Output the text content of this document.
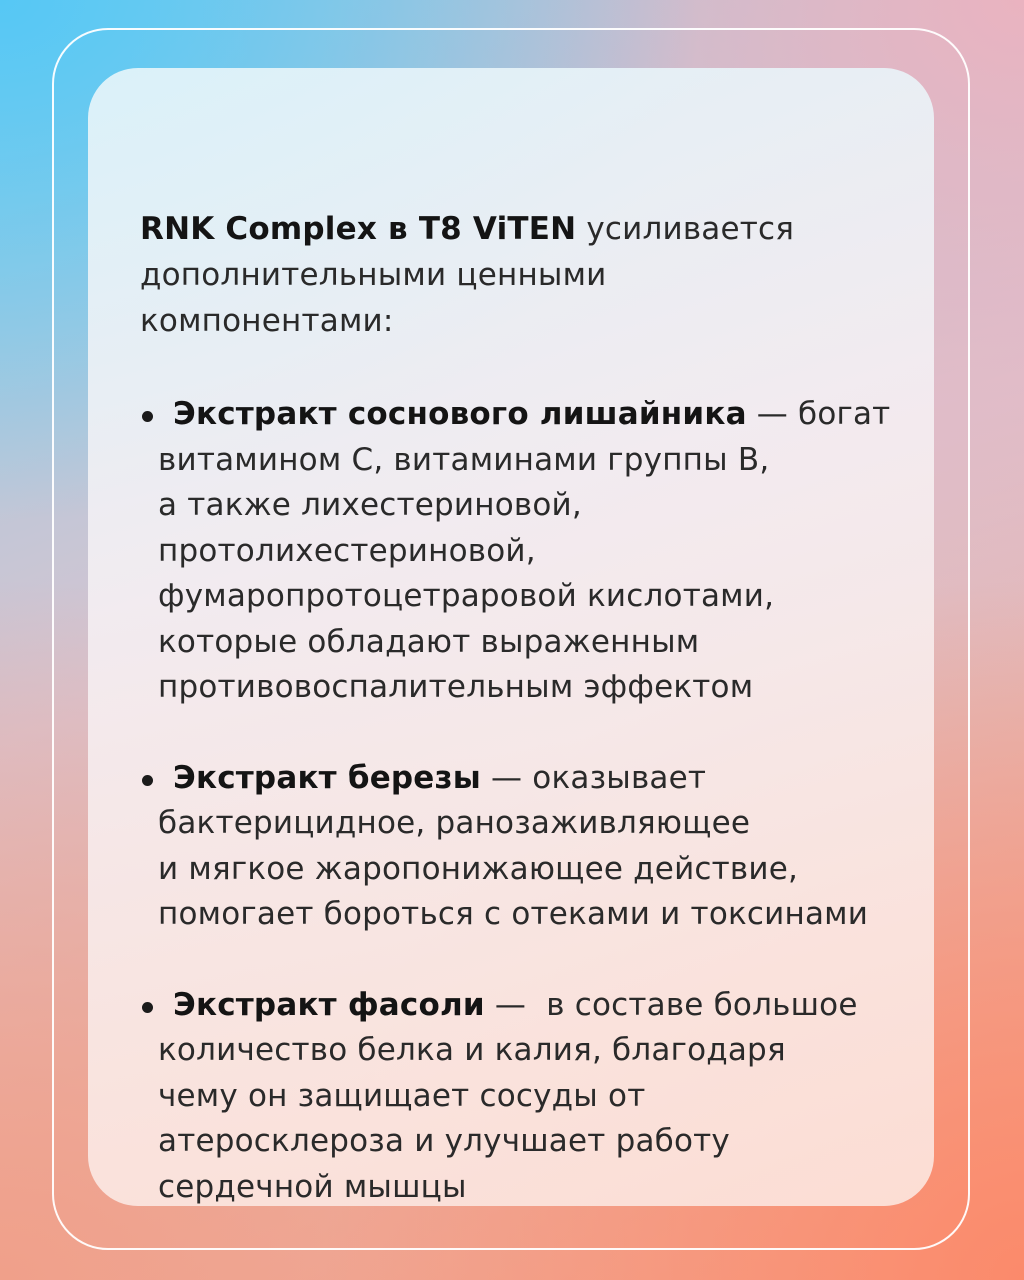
RNK Complex в T8 ViTEN усиливается
дополнительными ценными
компонентами:

Экстракт соснового лишайника — богат
витамином С, витаминами группы В,
а также лихестериновой,
протолихестериновой,
фумаропротоцетраровой кислотами,
которые обладают выраженным
противовоспалительным эффектом
Экстракт березы — оказывает
бактерицидное, ранозаживляющее
и мягкое жаропонижающее действие,
помогает бороться с отеками и токсинами
Экстракт фасоли —  в составе большое
количество белка и калия, благодаря
чему он защищает сосуды от
атеросклероза и улучшает работу
сердечной мышцы
